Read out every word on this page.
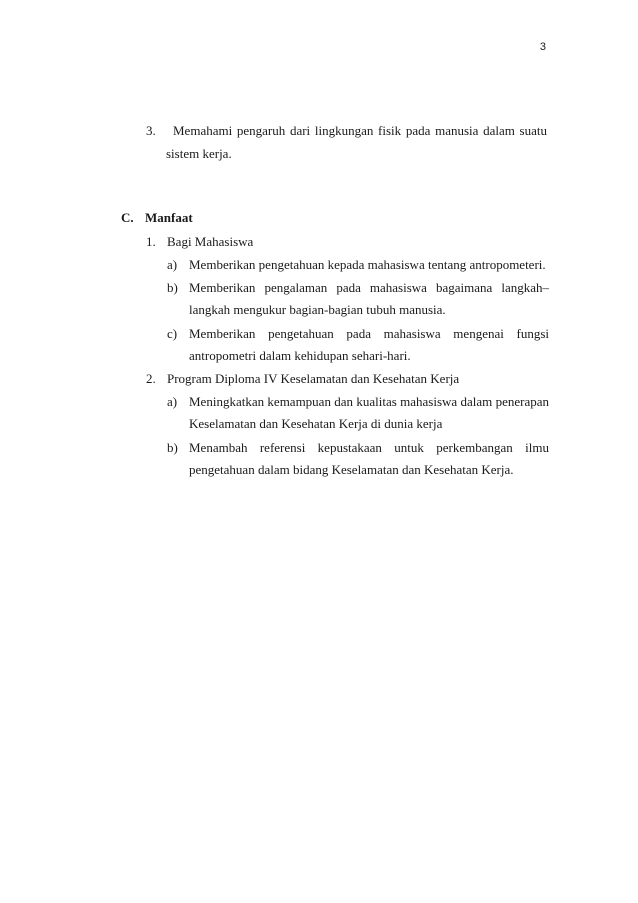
3
3. Memahami pengaruh dari lingkungan fisik pada manusia dalam suatu
sistem kerja.
C. Manfaat
1. Bagi Mahasiswa
a) Memberikan pengetahuan kepada mahasiswa tentang antropometeri.
b) Memberikan pengalaman pada mahasiswa bagaimana langkah–
langkah mengukur bagian-bagian tubuh manusia.
c) Memberikan pengetahuan pada mahasiswa mengenai fungsi
antropometri dalam kehidupan sehari-hari.
2. Program Diploma IV Keselamatan dan Kesehatan Kerja
a) Meningkatkan kemampuan dan kualitas mahasiswa dalam penerapan
Keselamatan dan Kesehatan Kerja di dunia kerja
b) Menambah referensi kepustakaan untuk perkembangan ilmu
pengetahuan dalam bidang Keselamatan dan Kesehatan Kerja.
